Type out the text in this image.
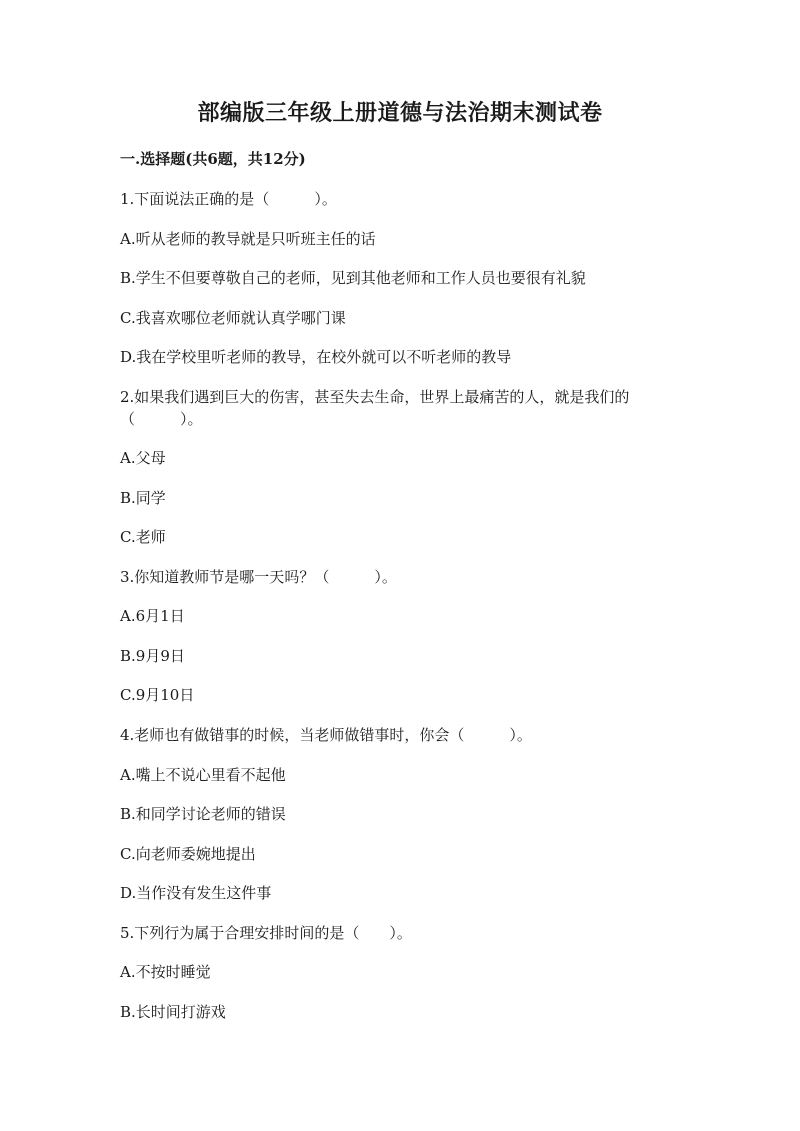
部编版三年级上册道德与法治期末测试卷
一.选择题(共6题，共12分)
1.下面说法正确的是（　　　）。
A.听从老师的教导就是只听班主任的话
B.学生不但要尊敬自己的老师，见到其他老师和工作人员也要很有礼貌
C.我喜欢哪位老师就认真学哪门课
D.我在学校里听老师的教导，在校外就可以不听老师的教导
2.如果我们遇到巨大的伤害，甚至失去生命，世界上最痛苦的人，就是我们的
（　　　）。
A.父母
B.同学
C.老师
3.你知道教师节是哪一天吗？（　　　）。
A.6月1日
B.9月9日
C.9月10日
4.老师也有做错事的时候，当老师做错事时，你会（　　　）。
A.嘴上不说心里看不起他
B.和同学讨论老师的错误
C.向老师委婉地提出
D.当作没有发生这件事
5.下列行为属于合理安排时间的是（　　）。
A.不按时睡觉
B.长时间打游戏
